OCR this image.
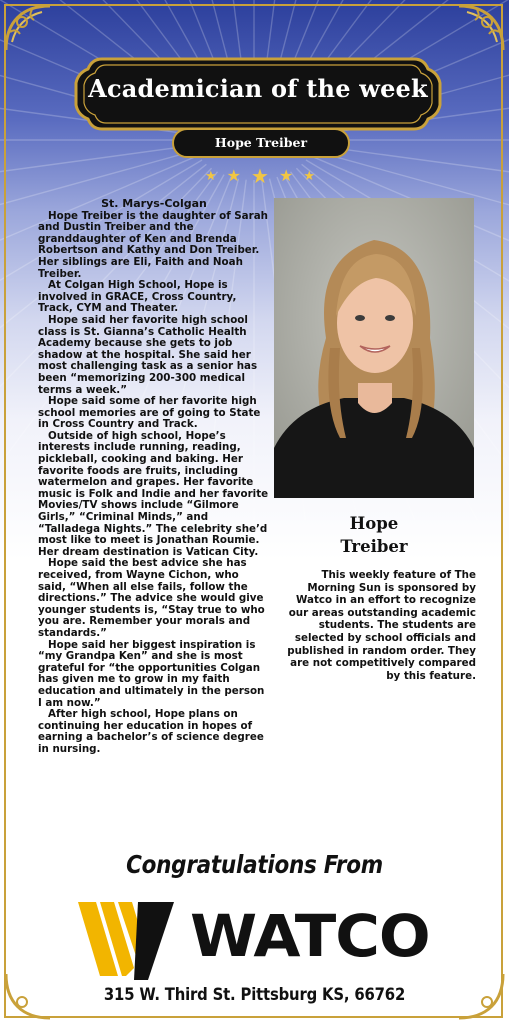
Academician of the week
Hope Treiber
★ ★ ★ ★ ★
St. Marys-Colgan

Hope Treiber is the daughter of Sarah and Dustin Treiber and the granddaughter of Ken and Brenda Robertson and Kathy and Don Treiber. Her siblings are Eli, Faith and Noah Treiber.

At Colgan High School, Hope is involved in GRACE, Cross Country, Track, CYM and Theater.

Hope said her favorite high school class is St. Gianna’s Catholic Health Academy because she gets to job shadow at the hospital. She said her most challenging task as a senior has been “memorizing 200-300 medical terms a week.”

Hope said some of her favorite high school memories are of going to State in Cross Country and Track.

Outside of high school, Hope’s interests include running, reading, pickleball, cooking and baking. Her favorite foods are fruits, including watermelon and grapes. Her favorite music is Folk and Indie and her favorite Movies/TV shows include “Gilmore Girls,” “Criminal Minds,” and “Talladega Nights.” The celebrity she’d most like to meet is Jonathan Roumie. Her dream destination is Vatican City.

Hope said the best advice she has received, from Wayne Cichon, who said, “When all else fails, follow the directions.” The advice she would give younger students is, “Stay true to who you are. Remember your morals and standards.”

Hope said her biggest inspiration is “my Grandpa Ken” and she is most grateful for “the opportunities Colgan has given me to grow in my faith education and ultimately in the person I am now.”

After high school, Hope plans on continuing her education in hopes of earning a bachelor’s of science degree in nursing.

Hope
Treiber
This weekly feature of The Morning Sun is sponsored by Watco in an effort to recognize our areas outstanding academic students. The students are selected by school officials and published in random order. They are not competitively compared by this feature.
Congratulations From
WATCO
315 W. Third St. Pittsburg KS, 66762
